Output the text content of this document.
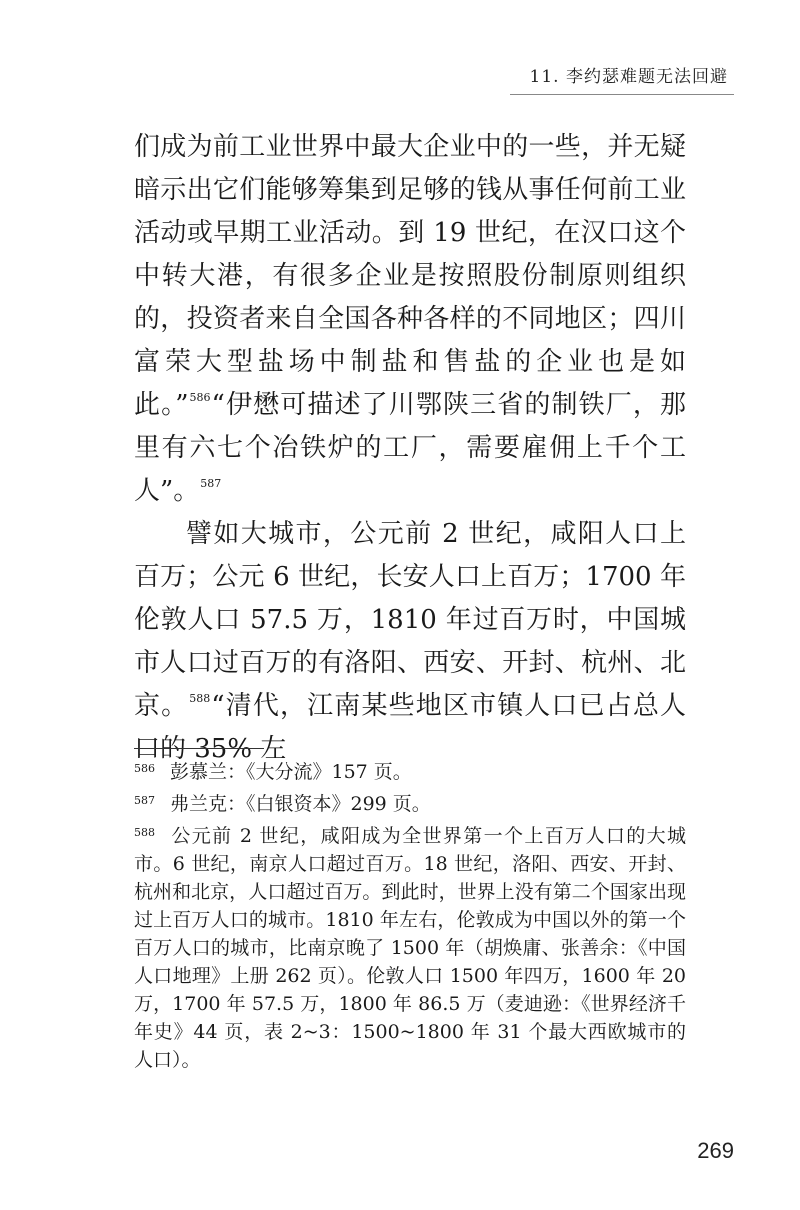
11. 李约瑟难题无法回避

们成为前工业世界中最大企业中的一些，并无疑暗示出它们能够筹集到足够的钱从事任何前工业活动或早期工业活动。到 19 世纪，在汉口这个中转大港，有很多企业是按照股份制原则组织的，投资者来自全国各种各样的不同地区；四川富荣大型盐场中制盐和售盐的企业也是如此。”$^{586}$“伊懋可描述了川鄂陕三省的制铁厂，那里有六七个冶铁炉的工厂，需要雇佣上千个工人”。$^{587}$

譬如大城市，公元前 2 世纪，咸阳人口上百万；公元 6 世纪，长安人口上百万；1700 年伦敦人口 57.5 万，1810 年过百万时，中国城市人口过百万的有洛阳、西安、开封、杭州、北京。$^{588}$“清代，江南某些地区市镇人口已占总人口的 35% 左

586 彭慕兰：《大分流》157 页。
587 弗兰克：《白银资本》299 页。
588 公元前 2 世纪，咸阳成为全世界第一个上百万人口的大城市。6 世纪，南京人口超过百万。18 世纪，洛阳、西安、开封、杭州和北京，人口超过百万。到此时，世界上没有第二个国家出现过上百万人口的城市。1810 年左右，伦敦成为中国以外的第一个百万人口的城市，比南京晚了 1500 年（胡焕庸、张善余：《中国人口地理》上册 262 页）。伦敦人口 1500 年四万，1600 年 20 万，1700 年 57.5 万，1800 年 86.5 万（麦迪逊：《世界经济千年史》44 页，表 2~3：1500~1800 年 31 个最大西欧城市的人口）。
269
